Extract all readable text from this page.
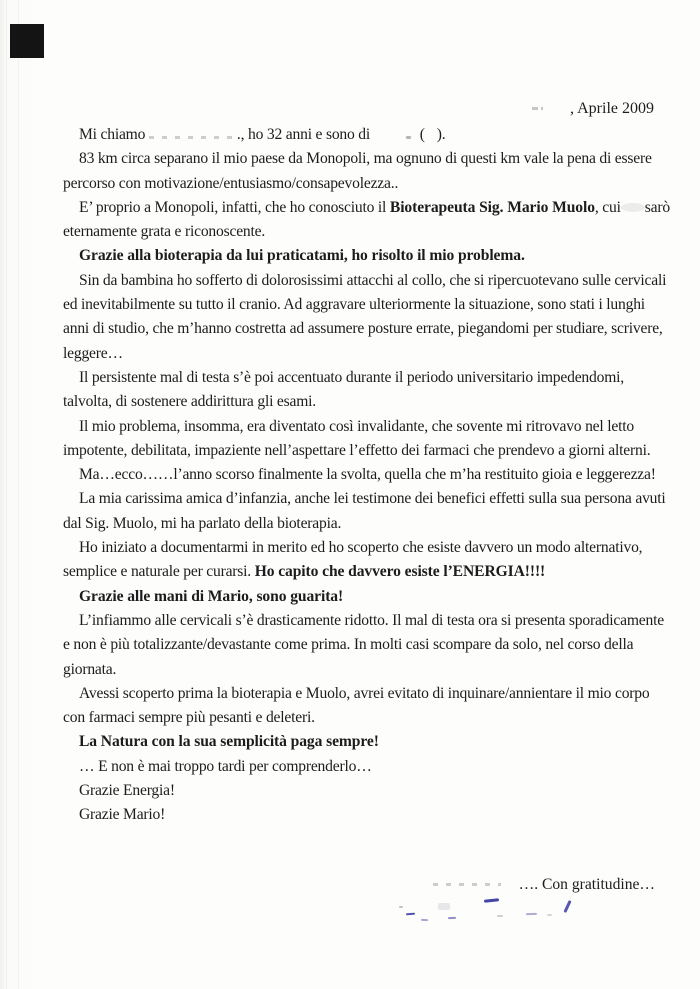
, Aprile 2009

Mi chiamo	., ho 32 anni e sono di	( ).
83 km circa separano il mio paese da Monopoli, ma ognuno di questi km vale la pena di essere
percorso con motivazione/entusiasmo/consapevolezza..
E’ proprio a Monopoli, infatti, che ho conosciuto il Bioterapeuta Sig. Mario Muolo, cui sarò
eternamente grata e riconoscente.
Grazie alla bioterapia da lui praticatami, ho risolto il mio problema.
Sin da bambina ho sofferto di dolorosissimi attacchi al collo, che si ripercuotevano sulle cervicali
ed inevitabilmente su tutto il cranio. Ad aggravare ulteriormente la situazione, sono stati i lunghi
anni di studio, che m’hanno costretta ad assumere posture errate, piegandomi per studiare, scrivere,
leggere…
Il persistente mal di testa s’è poi accentuato durante il periodo universitario impedendomi,
talvolta, di sostenere addirittura gli esami.
Il mio problema, insomma, era diventato così invalidante, che sovente mi ritrovavo nel letto
impotente, debilitata, impaziente nell’aspettare l’effetto dei farmaci che prendevo a giorni alterni.
Ma…ecco……l’anno scorso finalmente la svolta, quella che m’ha restituito gioia e leggerezza!
La mia carissima amica d’infanzia, anche lei testimone dei benefici effetti sulla sua persona avuti
dal Sig. Muolo, mi ha parlato della bioterapia.
Ho iniziato a documentarmi in merito ed ho scoperto che esiste davvero un modo alternativo,
semplice e naturale per curarsi. Ho capito che davvero esiste l’ENERGIA!!!!
Grazie alle mani di Mario, sono guarita!
L’infiammo alle cervicali s’è drasticamente ridotto. Il mal di testa ora si presenta sporadicamente
e non è più totalizzante/devastante come prima. In molti casi scompare da solo, nel corso della
giornata.
Avessi scoperto prima la bioterapia e Muolo, avrei evitato di inquinare/annientare il mio corpo
con farmaci sempre più pesanti e deleteri.
La Natura con la sua semplicità paga sempre!
… E non è mai troppo tardi per comprenderlo…
Grazie Energia!
Grazie Mario!

…. Con gratitudine…
